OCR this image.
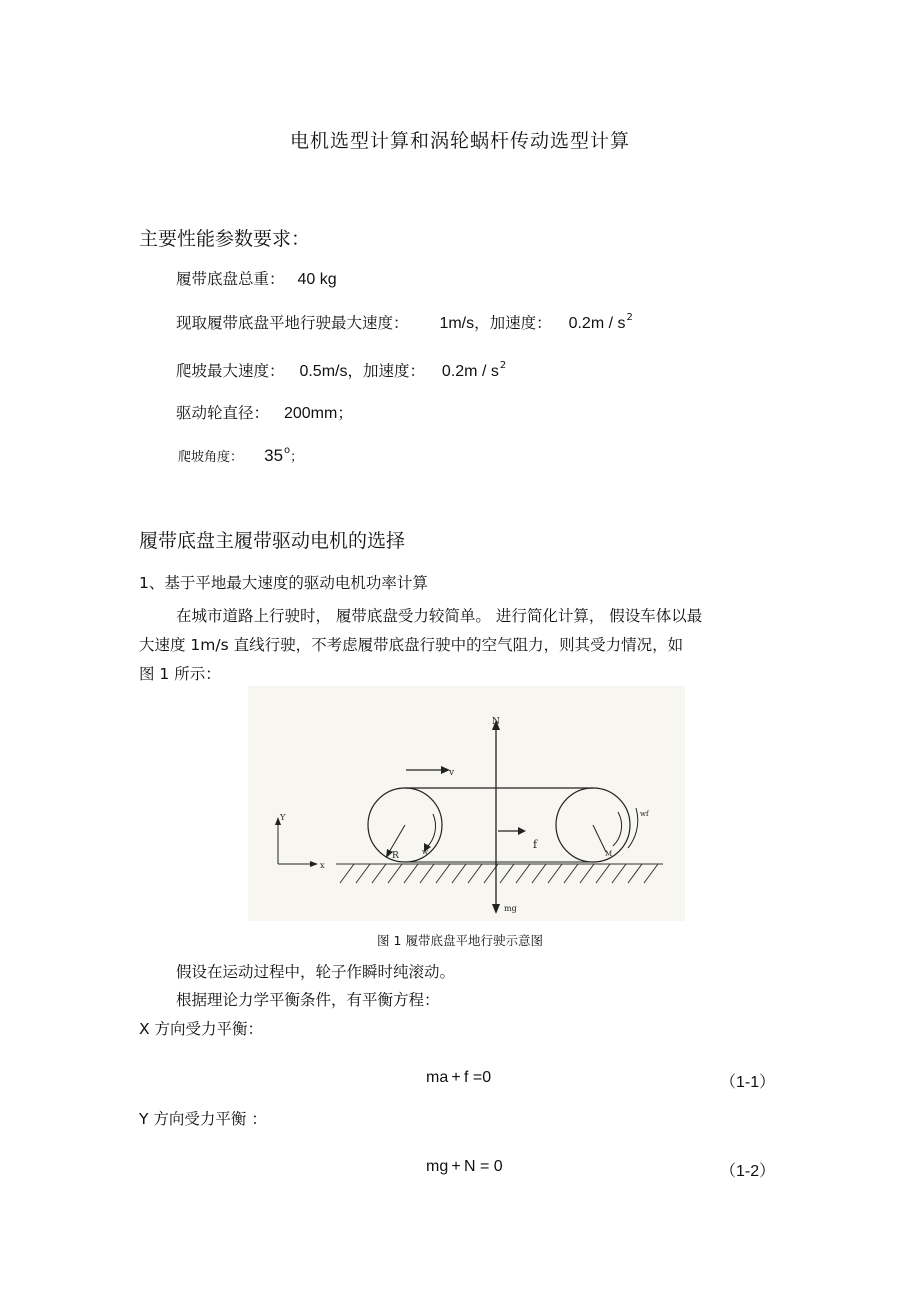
电机选型计算和涡轮蜗杆传动选型计算
主要性能参数要求：
履带底盘总重： 40 kg
现取履带底盘平地行驶最大速度： 1m/s，加速度： $0.2m / s^2$
爬坡最大速度： 0.5m/s，加速度： $0.2m / s^2$
驱动轮直径： 200mm；
爬坡角度： 35$^o$；
履带底盘主履带驱动电机的选择
1、基于平地最大速度的驱动电机功率计算
在城市道路上行驶时， 履带底盘受力较简单。 进行简化计算， 假设车体以最
大速度 1m/s 直线行驶，不考虑履带底盘行驶中的空气阻力，则其受力情况，如
图 1 所示：
N
v
f
mg
Y
x
R	w
wf
M
图 1 履带底盘平地行驶示意图
假设在运动过程中，轮子作瞬时纯滚动。
根据理论力学平衡条件，有平衡方程：
X 方向受力平衡：
ma + f =0	（1-1）
Y 方向受力平衡 ：
mg + N = 0	（1-2）
